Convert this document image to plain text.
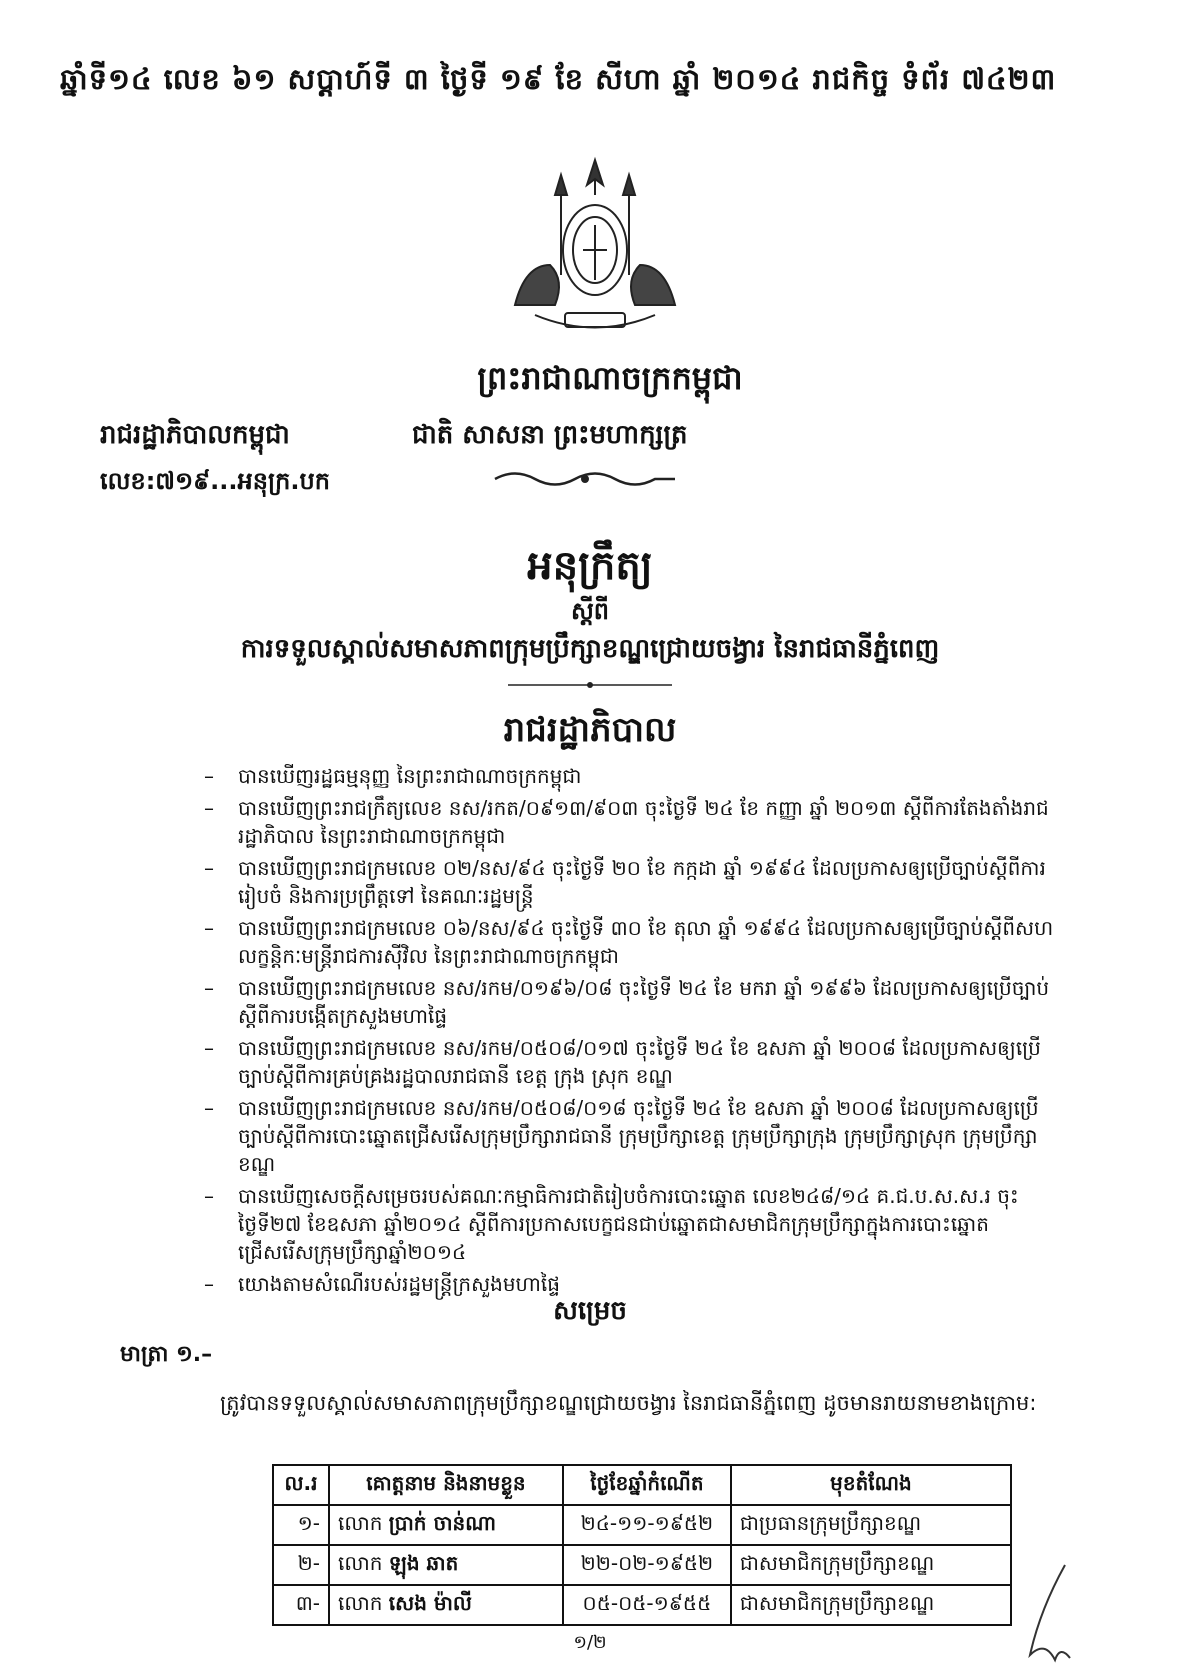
ឆ្នាំទី១៤ លេខ ៦១ សប្តាហ៍ទី ៣ ថ្ងៃទី ១៩ ខែ សីហា ឆ្នាំ ២០១៤ រាជកិច្ច ទំព័រ ៧៤២៣
ព្រះរាជាណាចក្រកម្ពុជា
រាជរដ្ឋាភិបាលកម្ពុជា	ជាតិ សាសនា ព្រះមហាក្សត្រ
លេខ:៧១៩...អនុក្រ.បក
អនុក្រឹត្យ
ស្តីពី
ការទទួលស្គាល់សមាសភាពក្រុមប្រឹក្សាខណ្ឌជ្រោយចង្វារ នៃរាជធានីភ្នំពេញ
រាជរដ្ឋាភិបាល
– បានឃើញរដ្ឋធម្មនុញ្ញ នៃព្រះរាជាណាចក្រកម្ពុជា
– បានឃើញព្រះរាជក្រឹត្យលេខ នស/រកត/០៩១៣/៩០៣ ចុះថ្ងៃទី ២៤ ខែ កញ្ញា ឆ្នាំ ២០១៣ ស្តីពីការតែងតាំងរាជរដ្ឋាភិបាល នៃព្រះរាជាណាចក្រកម្ពុជា
– បានឃើញព្រះរាជក្រមលេខ ០២/នស/៩៤ ចុះថ្ងៃទី ២០ ខែ កក្កដា ឆ្នាំ ១៩៩៤ ដែលប្រកាសឲ្យប្រើច្បាប់ស្តីពីការរៀបចំ និងការប្រព្រឹត្តទៅ នៃគណៈរដ្ឋមន្ត្រី
– បានឃើញព្រះរាជក្រមលេខ ០៦/នស/៩៤ ចុះថ្ងៃទី ៣០ ខែ តុលា ឆ្នាំ ១៩៩៤ ដែលប្រកាសឲ្យប្រើច្បាប់ស្តីពីសហលក្ខន្តិកៈមន្ត្រីរាជការស៊ីវិល នៃព្រះរាជាណាចក្រកម្ពុជា
– បានឃើញព្រះរាជក្រមលេខ នស/រកម/០១៩៦/០៨ ចុះថ្ងៃទី ២៤ ខែ មករា ឆ្នាំ ១៩៩៦ ដែលប្រកាសឲ្យប្រើច្បាប់ស្តីពីការបង្កើតក្រសួងមហាផ្ទៃ
– បានឃើញព្រះរាជក្រមលេខ នស/រកម/០៥០៨/០១៧ ចុះថ្ងៃទី ២៤ ខែ ឧសភា ឆ្នាំ ២០០៨ ដែលប្រកាសឲ្យប្រើច្បាប់ស្តីពីការគ្រប់គ្រងរដ្ឋបាលរាជធានី ខេត្ត ក្រុង ស្រុក ខណ្ឌ
– បានឃើញព្រះរាជក្រមលេខ នស/រកម/០៥០៨/០១៨ ចុះថ្ងៃទី ២៤ ខែ ឧសភា ឆ្នាំ ២០០៨ ដែលប្រកាសឲ្យប្រើច្បាប់ស្តីពីការបោះឆ្នោតជ្រើសរើសក្រុមប្រឹក្សារាជធានី ក្រុមប្រឹក្សាខេត្ត ក្រុមប្រឹក្សាក្រុង ក្រុមប្រឹក្សាស្រុក ក្រុមប្រឹក្សាខណ្ឌ
– បានឃើញសេចក្តីសម្រេចរបស់គណៈកម្មាធិការជាតិរៀបចំការបោះឆ្នោត លេខ២៤៨/១៤ គ.ជ.ប.ស.ស.រ ចុះថ្ងៃទី២៧ ខែឧសភា ឆ្នាំ២០១៤ ស្តីពីការប្រកាសបេក្ខជនជាប់ឆ្នោតជាសមាជិកក្រុមប្រឹក្សាក្នុងការបោះឆ្នោតជ្រើសរើសក្រុមប្រឹក្សាឆ្នាំ២០១៤
– យោងតាមសំណើរបស់រដ្ឋមន្ត្រីក្រសួងមហាផ្ទៃ
សម្រេច
មាត្រា ១.–
ត្រូវបានទទួលស្គាល់សមាសភាពក្រុមប្រឹក្សាខណ្ឌជ្រោយចង្វារ នៃរាជធានីភ្នំពេញ ដូចមានរាយនាមខាងក្រោម:
ល.រ	គោត្តនាម និងនាមខ្លួន	ថ្ងៃខែឆ្នាំកំណើត	មុខតំណែង
១-	លោក ប្រាក់ ចាន់ណា	២៤-១១-១៩៥២	ជាប្រធានក្រុមប្រឹក្សាខណ្ឌ
២-	លោក ឡុង ឆាត	២២-០២-១៩៥២	ជាសមាជិកក្រុមប្រឹក្សាខណ្ឌ
៣-	លោក សេង ម៉ាលី	០៥-០៥-១៩៥៥	ជាសមាជិកក្រុមប្រឹក្សាខណ្ឌ
១/២
